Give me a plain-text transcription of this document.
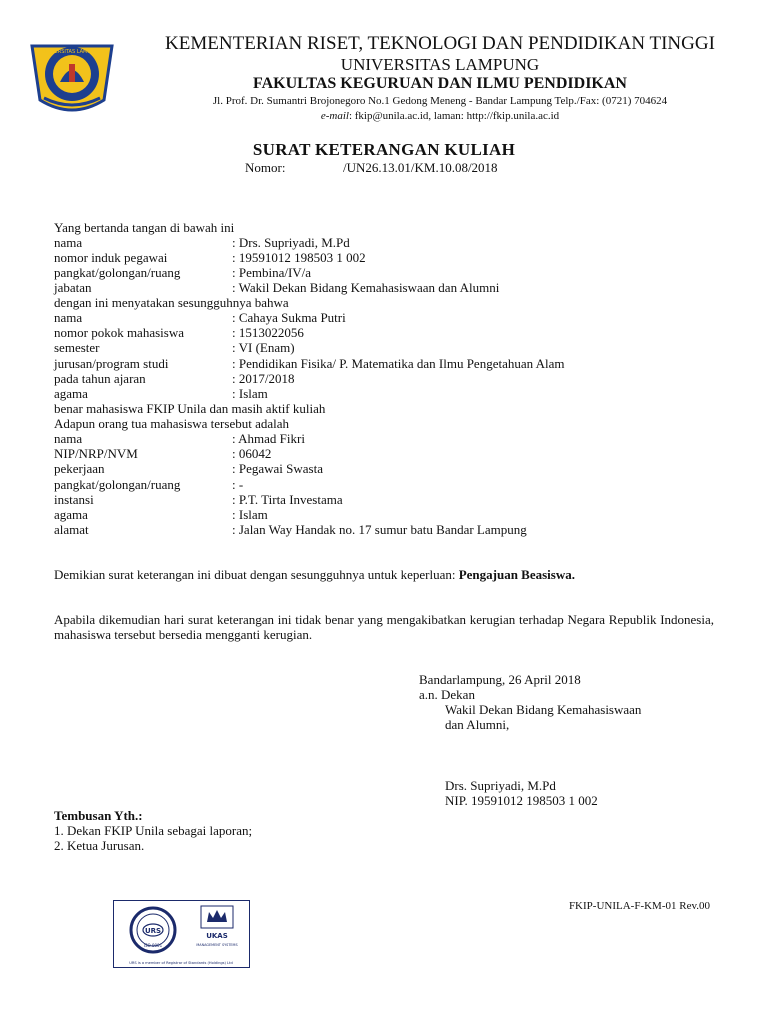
UNIVERSITAS LAMPUNG	KEMENTERIAN RISET, TEKNOLOGI DAN PENDIDIKAN TINGGI
UNIVERSITAS LAMPUNG
FAKULTAS KEGURUAN DAN ILMU PENDIDIKAN
Jl. Prof. Dr. Sumantri Brojonegoro No.1 Gedong Meneng - Bandar Lampung Telp./Fax: (0721) 704624
e-mail: fkip@unila.ac.id, laman: http://fkip.unila.ac.id
SURAT KETERANGAN KULIAH
Nomor:	/UN26.13.01/KM.10.08/2018
Yang bertanda tangan di bawah ini
nama	: Drs. Supriyadi, M.Pd
nomor induk pegawai	: 19591012 198503 1 002
pangkat/golongan/ruang	: Pembina/IV/a
jabatan	: Wakil Dekan Bidang Kemahasiswaan dan Alumni
dengan ini menyatakan sesungguhnya bahwa
nama	: Cahaya Sukma Putri
nomor pokok mahasiswa	: 1513022056
semester	: VI (Enam)
jurusan/program studi	: Pendidikan Fisika/ P. Matematika dan Ilmu Pengetahuan Alam
pada tahun ajaran	: 2017/2018
agama	: Islam
benar mahasiswa FKIP Unila dan masih aktif kuliah
Adapun orang tua mahasiswa tersebut adalah
nama	: Ahmad Fikri
NIP/NRP/NVM	: 06042
pekerjaan	: Pegawai Swasta
pangkat/golongan/ruang	: -
instansi	: P.T. Tirta Investama
agama	: Islam
alamat	: Jalan Way Handak no. 17 sumur batu Bandar Lampung
Demikian surat keterangan ini dibuat dengan sesungguhnya untuk keperluan: Pengajuan Beasiswa.
Apabila dikemudian hari surat keterangan ini tidak benar yang mengakibatkan kerugian terhadap Negara Republik Indonesia, mahasiswa tersebut bersedia mengganti kerugian.
Bandarlampung, 26 April 2018
a.n. Dekan
Wakil Dekan Bidang Kemahasiswaan
dan Alumni,
Drs. Supriyadi, M.Pd
NIP. 19591012 198503 1 002
Tembusan Yth.:
1. Dekan FKIP Unila sebagai laporan;
2. Ketua Jurusan.
FKIP-UNILA-F-KM-01 Rev.00
URS
ISO 9001
UKAS
MANAGEMENT SYSTEMS
URS is a member of Registrar of Standards (Holdings) Ltd
